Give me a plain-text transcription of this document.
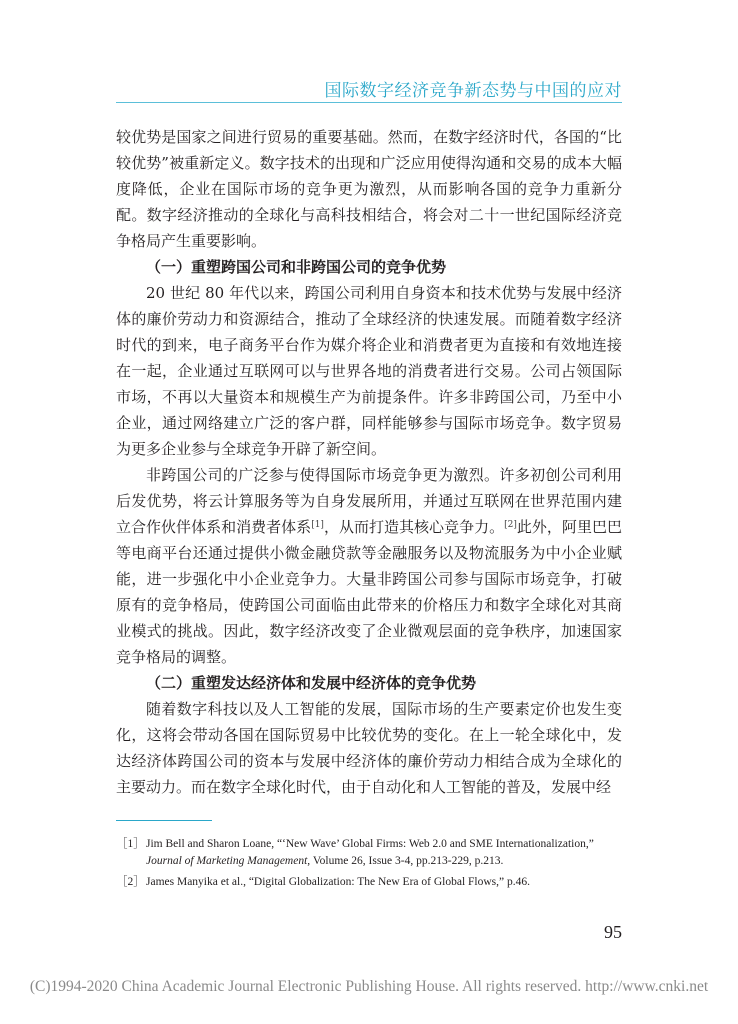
国际数字经济竞争新态势与中国的应对

较优势是国家之间进行贸易的重要基础。然而，在数字经济时代，各国的“比较优势”被重新定义。数字技术的出现和广泛应用使得沟通和交易的成本大幅度降低，企业在国际市场的竞争更为激烈，从而影响各国的竞争力重新分配。数字经济推动的全球化与高科技相结合，将会对二十一世纪国际经济竞争格局产生重要影响。

（一）重塑跨国公司和非跨国公司的竞争优势

20 世纪 80 年代以来，跨国公司利用自身资本和技术优势与发展中经济体的廉价劳动力和资源结合，推动了全球经济的快速发展。而随着数字经济时代的到来，电子商务平台作为媒介将企业和消费者更为直接和有效地连接在一起，企业通过互联网可以与世界各地的消费者进行交易。公司占领国际市场，不再以大量资本和规模生产为前提条件。许多非跨国公司，乃至中小企业，通过网络建立广泛的客户群，同样能够参与国际市场竞争。数字贸易为更多企业参与全球竞争开辟了新空间。

非跨国公司的广泛参与使得国际市场竞争更为激烈。许多初创公司利用后发优势，将云计算服务等为自身发展所用，并通过互联网在世界范围内建立合作伙伴体系和消费者体系[1]，从而打造其核心竞争力。[2]此外，阿里巴巴等电商平台还通过提供小微金融贷款等金融服务以及物流服务为中小企业赋能，进一步强化中小企业竞争力。大量非跨国公司参与国际市场竞争，打破原有的竞争格局，使跨国公司面临由此带来的价格压力和数字全球化对其商业模式的挑战。因此，数字经济改变了企业微观层面的竞争秩序，加速国家竞争格局的调整。

（二）重塑发达经济体和发展中经济体的竞争优势

随着数字科技以及人工智能的发展，国际市场的生产要素定价也发生变化，这将会带动各国在国际贸易中比较优势的变化。在上一轮全球化中，发达经济体跨国公司的资本与发展中经济体的廉价劳动力相结合成为全球化的主要动力。而在数字全球化时代，由于自动化和人工智能的普及，发展中经

［1］Jim Bell and Sharon Loane, “‘New Wave’ Global Firms: Web 2.0 and SME Internationalization,” Journal of Marketing Management, Volume 26, Issue 3-4, pp.213-229, p.213.

［2］James Manyika et al., “Digital Globalization: The New Era of Global Flows,” p.46.

95
(C)1994-2020 China Academic Journal Electronic Publishing House. All rights reserved. http://www.cnki.net
